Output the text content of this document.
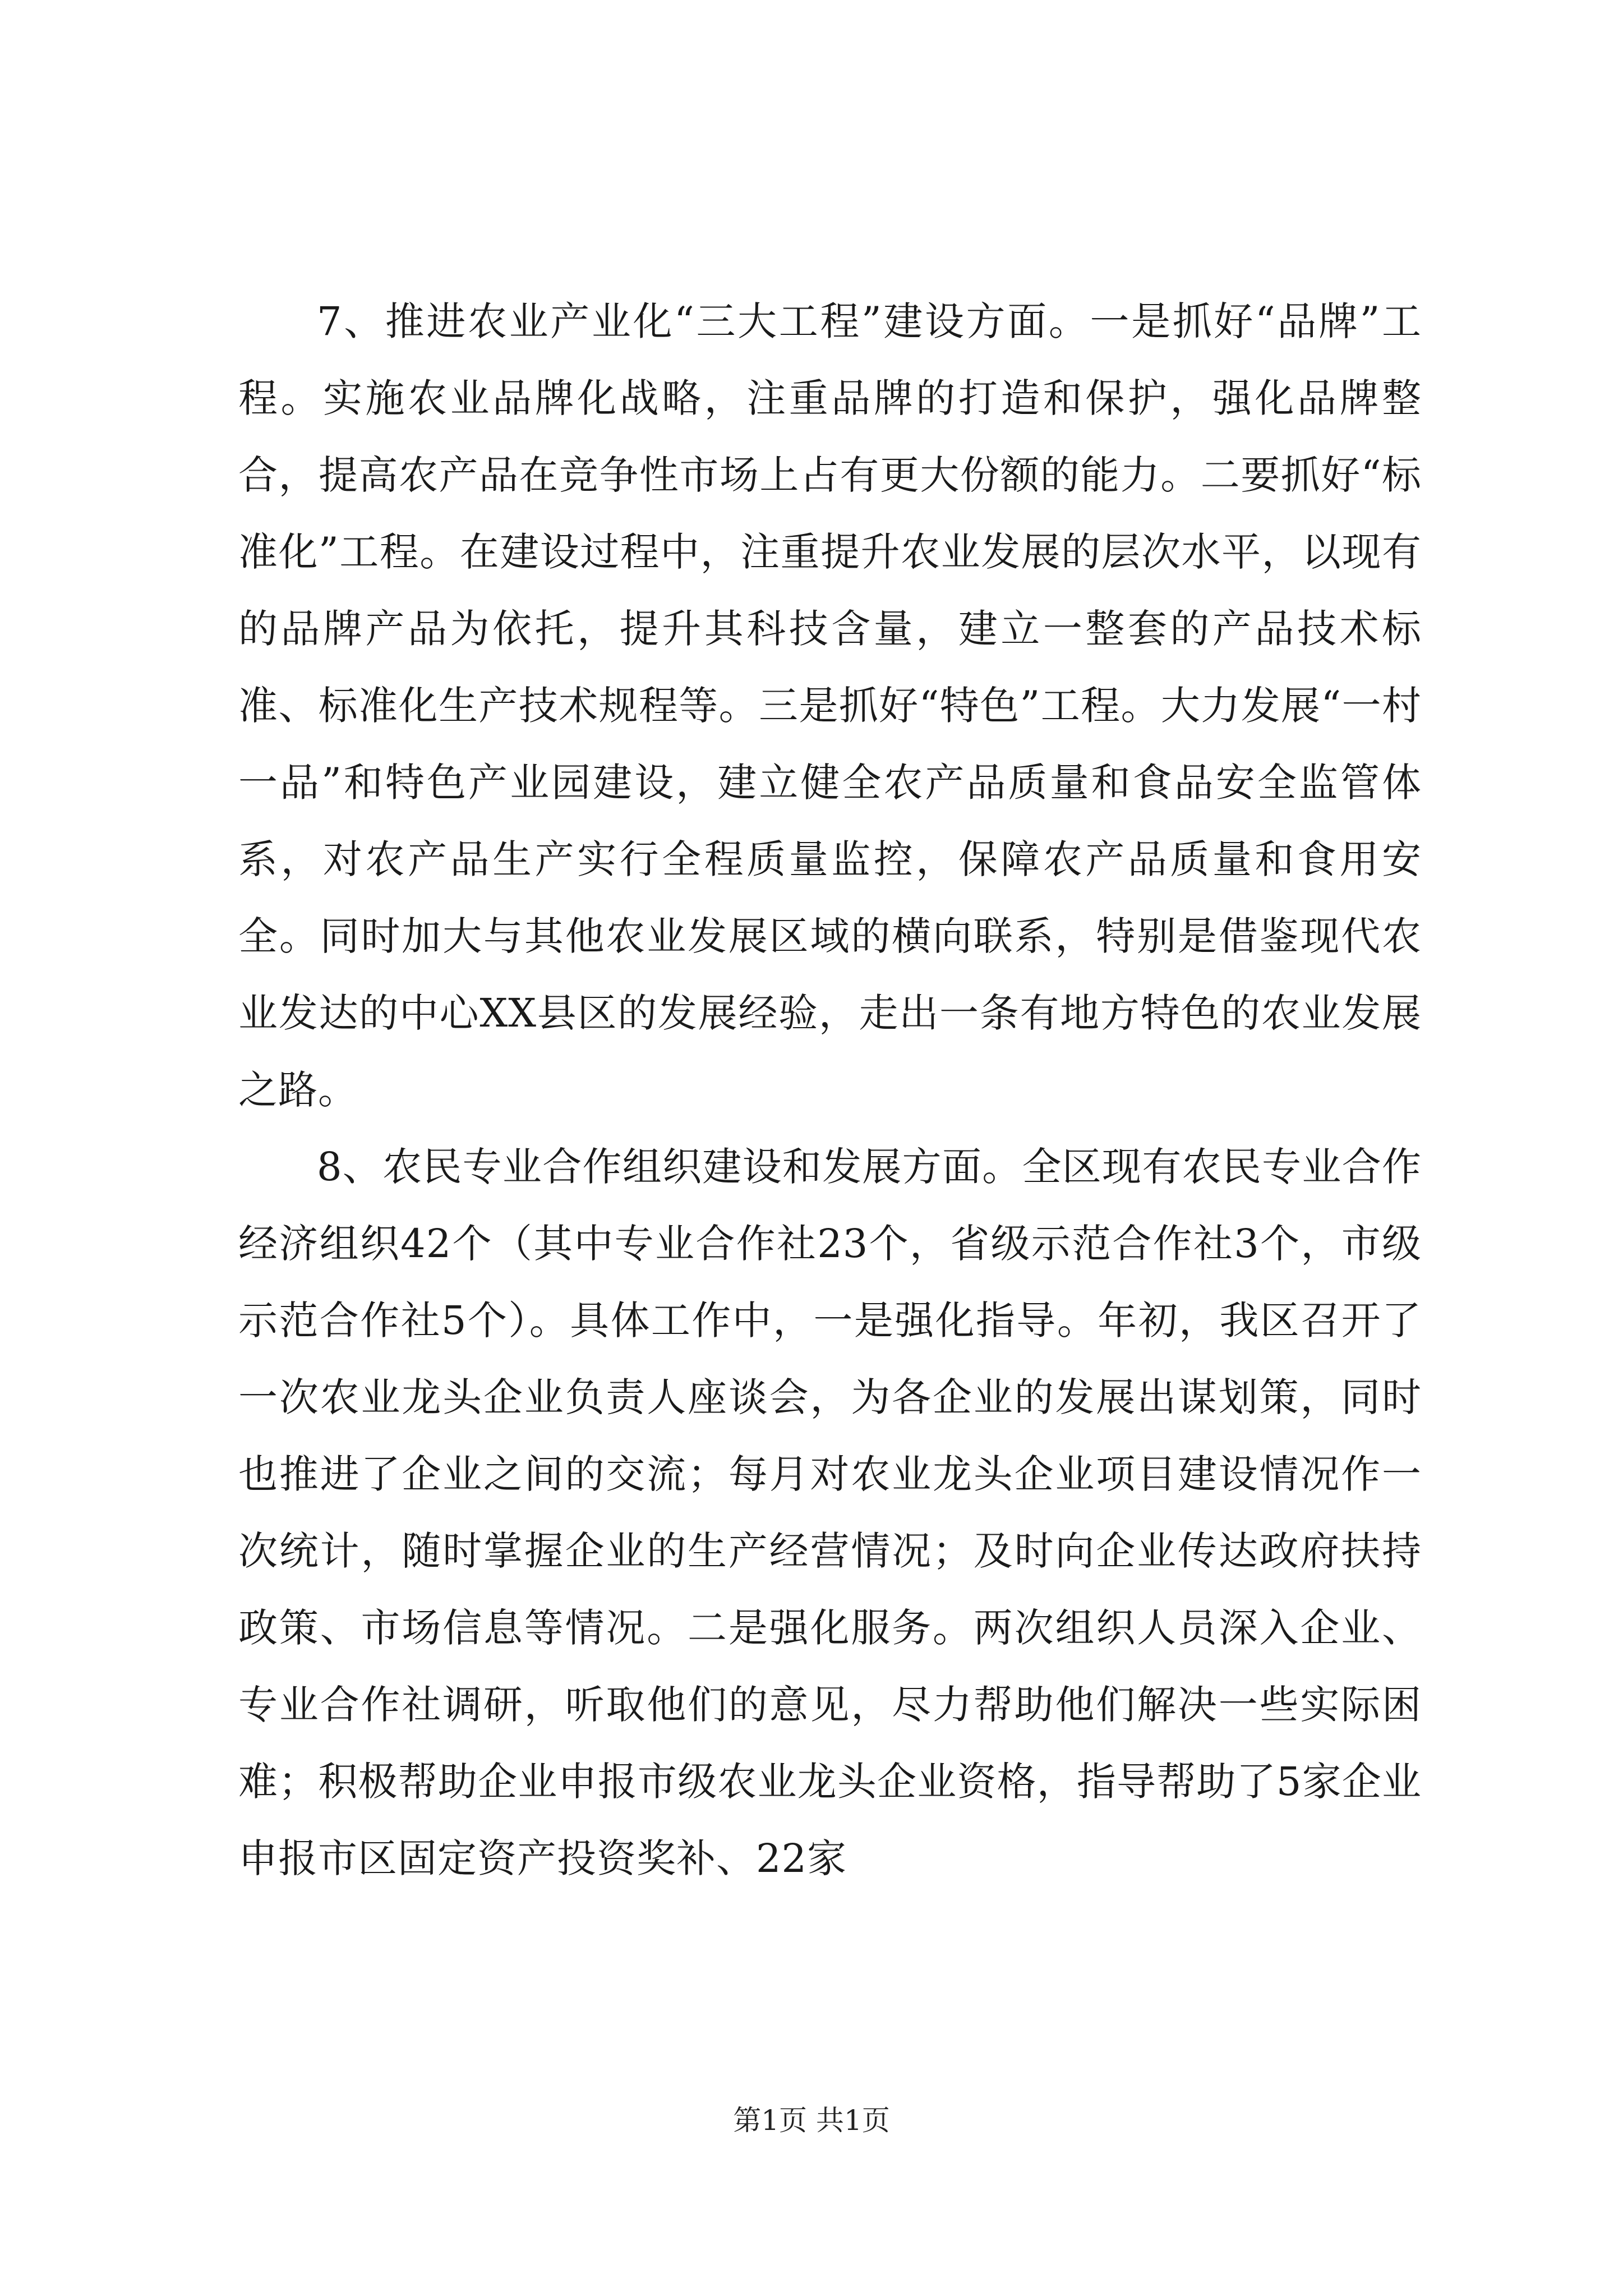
7、推进农业产业化“三大工程”建设方面。一是抓好“品牌”工程。实施农业品牌化战略，注重品牌的打造和保护，强化品牌整合，提高农产品在竞争性市场上占有更大份额的能力。二要抓好“标准化”工程。在建设过程中，注重提升农业发展的层次水平，以现有的品牌产品为依托，提升其科技含量，建立一整套的产品技术标准、标准化生产技术规程等。三是抓好“特色”工程。大力发展“一村一品”和特色产业园建设，建立健全农产品质量和食品安全监管体系，对农产品生产实行全程质量监控，保障农产品质量和食用安全。同时加大与其他农业发展区域的横向联系，特别是借鉴现代农业发达的中心XX县区的发展经验，走出一条有地方特色的农业发展之路。

8、农民专业合作组织建设和发展方面。全区现有农民专业合作经济组织42个（其中专业合作社23个，省级示范合作社3个，市级示范合作社5个）。具体工作中，一是强化指导。年初，我区召开了一次农业龙头企业负责人座谈会，为各企业的发展出谋划策，同时也推进了企业之间的交流；每月对农业龙头企业项目建设情况作一次统计，随时掌握企业的生产经营情况；及时向企业传达政府扶持政策、市场信息等情况。二是强化服务。两次组织人员深入企业、专业合作社调研，听取他们的意见，尽力帮助他们解决一些实际困难；积极帮助企业申报市级农业龙头企业资格，指导帮助了5家企业申报市区固定资产投资奖补、22家

第1页 共1页
